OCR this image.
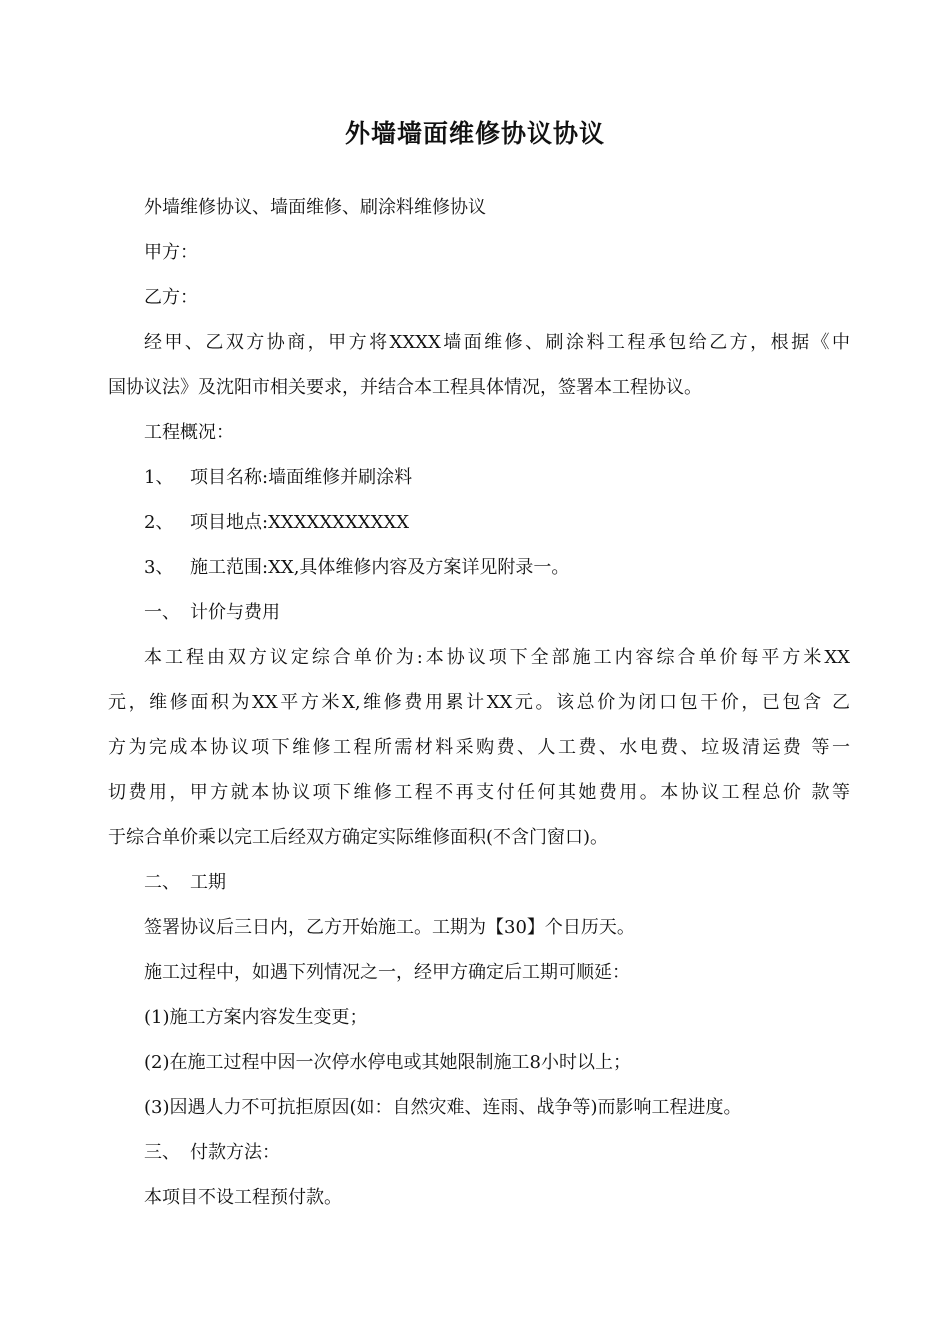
外墙墙面维修协议协议

外墙维修协议、墙面维修、刷涂料维修协议

甲方：

乙方：

经甲、乙双方协商，甲方将XXXX墙面维修、刷涂料工程承包给乙方，根据《中

国协议法》及沈阳市相关要求，并结合本工程具体情况，签署本工程协议。

工程概况：

1、 项目名称:墙面维修并刷涂料

2、 项目地点:XXXXXXXXXXX

3、 施工范围:XX,具体维修内容及方案详见附录一。

一、 计价与费用

本工程由双方议定综合单价为:本协议项下全部施工内容综合单价每平方米XX

元，维修面积为XX平方米X,维修费用累计XX元。该总价为闭口包干价，已包含 乙

方为完成本协议项下维修工程所需材料采购费、人工费、水电费、垃圾清运费 等一

切费用，甲方就本协议项下维修工程不再支付任何其她费用。本协议工程总价 款等

于综合单价乘以完工后经双方确定实际维修面积(不含门窗口)。

二、 工期

签署协议后三日内，乙方开始施工。工期为【30】个日历天。

施工过程中，如遇下列情况之一，经甲方确定后工期可顺延：

(1)施工方案内容发生变更；

(2)在施工过程中因一次停水停电或其她限制施工8小时以上；

(3)因遇人力不可抗拒原因(如：自然灾难、连雨、战争等)而影响工程进度。

三、 付款方法：

本项目不设工程预付款。
